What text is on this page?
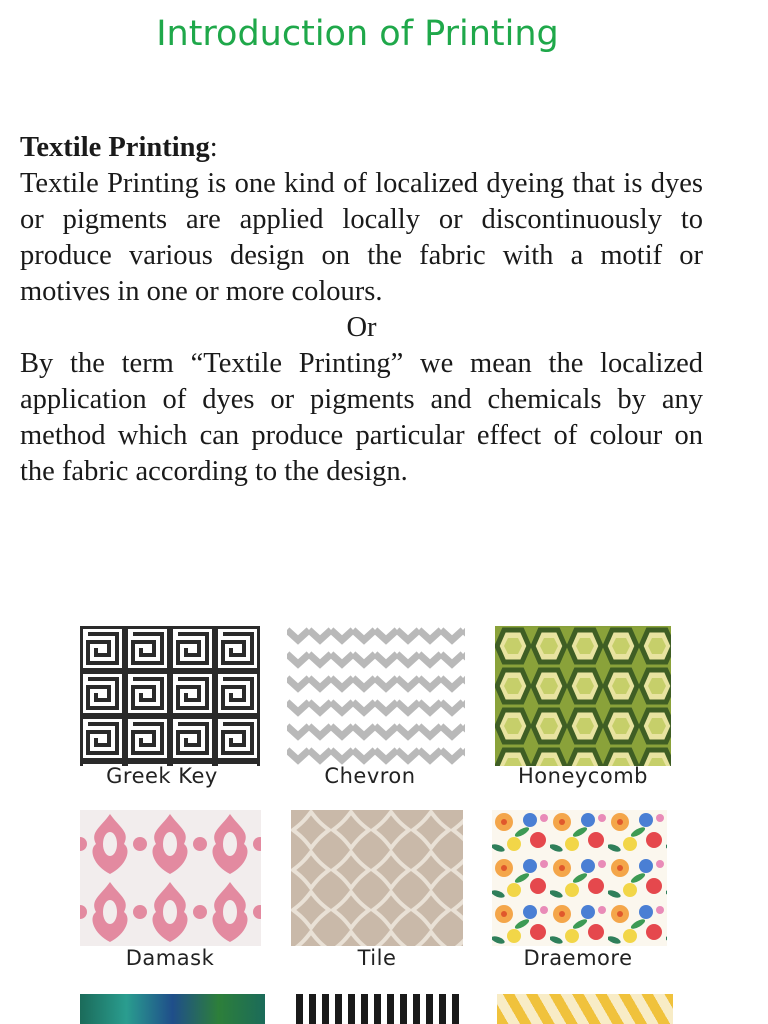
Introduction of Printing

Textile Printing:

Textile Printing is one kind of localized dyeing that is dyes or pigments are applied locally or discontinuously to produce various design on the fabric with a motif or motives in one or more colours.

Or

By the term “Textile Printing” we mean the localized application of dyes or pigments and chemicals by any method which can produce particular effect of colour on the fabric according to the design.

Greek Key	Chevron	Honeycomb
Damask	Tile	Draemore
